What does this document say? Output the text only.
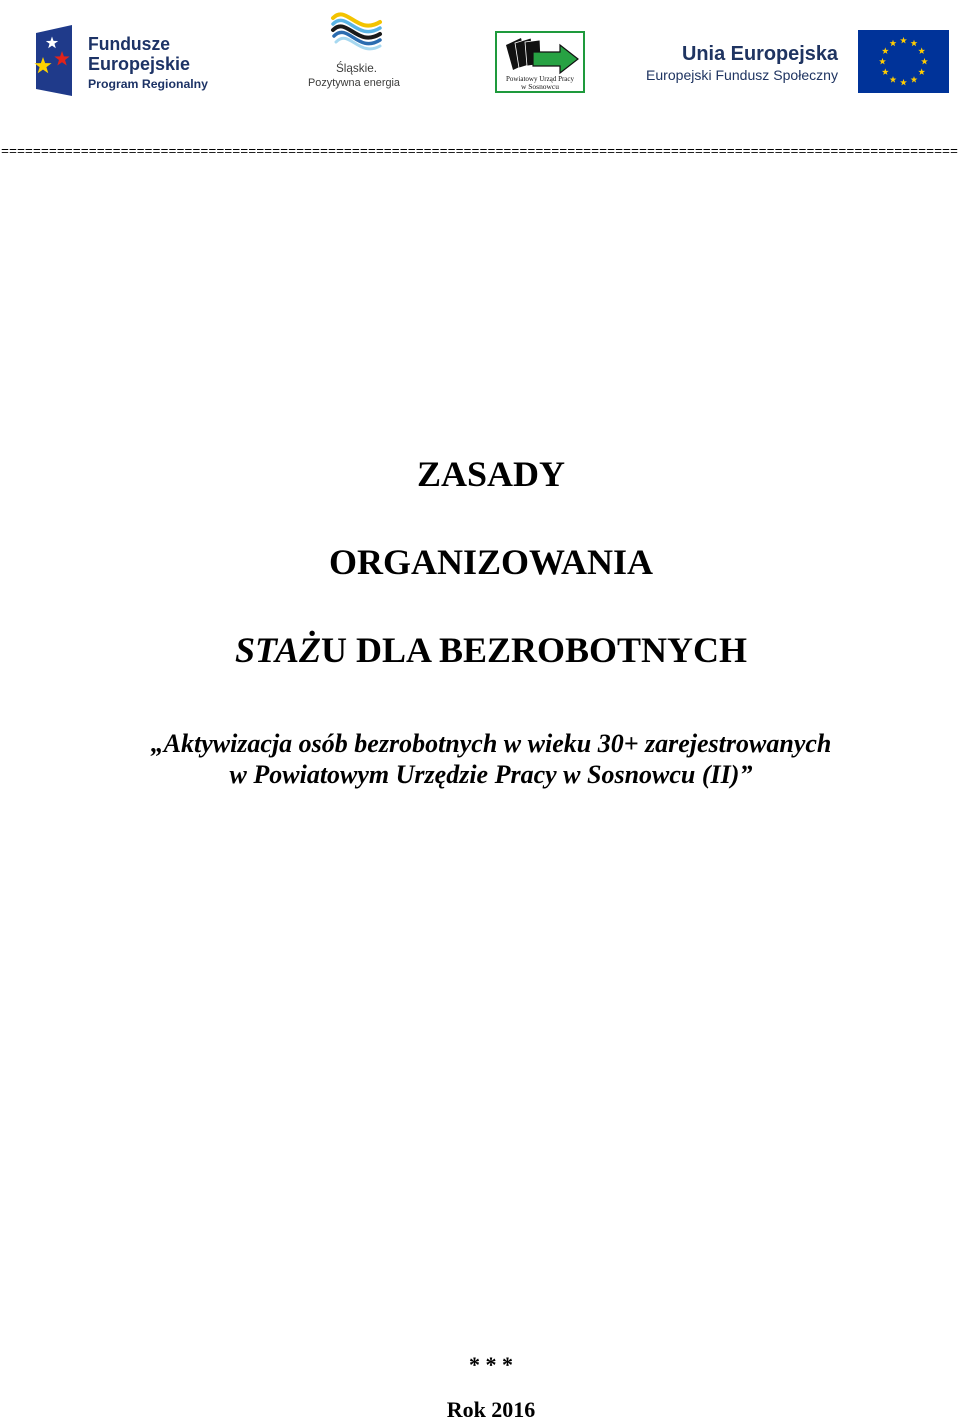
Fundusze
Europejskie
Program Regionalny
Śląskie.
Pozytywna energia	Powiatowy Urząd Pracy
w Sosnowcu
Unia Europejska
Europejski Fundusz Społeczny
========================================================================================================================
ZASADY
ORGANIZOWANIA
STAŻU DLA BEZROBOTNYCH
„Aktywizacja osób bezrobotnych w wieku 30+ zarejestrowanych
w Powiatowym Urzędzie Pracy w Sosnowcu (II)”
* * *
Rok 2016
